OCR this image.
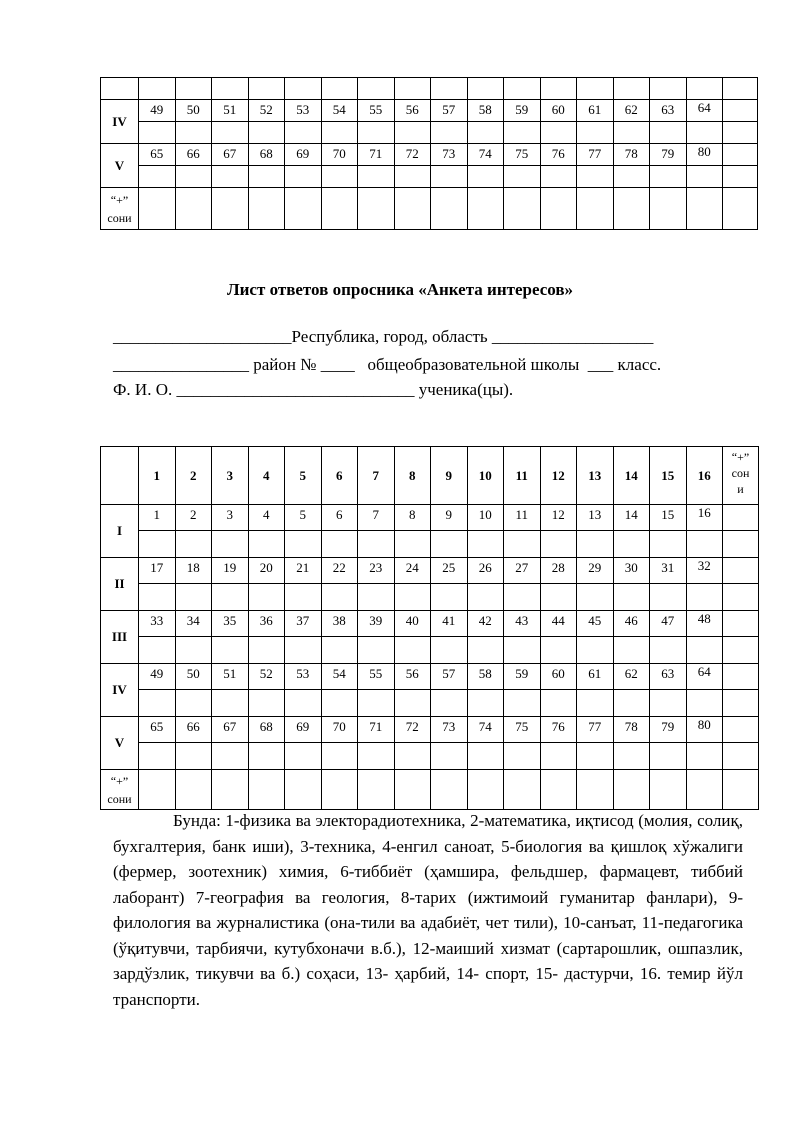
IV	49	50	51	52	53	54	55	56	57	58	59	60	61	62	63	64	

V	65	66	67	68	69	70	71	72	73	74	75	76	77	78	79	80	

“+”
сони																	

Лист ответов опросника «Анкета интересов»
_____________________Республика, город, область ___________________
________________ район № ____   общеобразовательной школы  ___ класс.
Ф. И. О. ____________________________ ученика(цы).
	1	2	3	4	5	6	7	8	9	10	11	12	13	14	15	16	“+”
сон
и

I	1	2	3	4	5	6	7	8	9	10	11	12	13	14	15	16	

II	17	18	19	20	21	22	23	24	25	26	27	28	29	30	31	32	

III	33	34	35	36	37	38	39	40	41	42	43	44	45	46	47	48	

IV	49	50	51	52	53	54	55	56	57	58	59	60	61	62	63	64	

V	65	66	67	68	69	70	71	72	73	74	75	76	77	78	79	80	

“+”
сони																	

Бунда: 1-физика ва электорадиотехника, 2-математика, иқтисод (молия, солиқ, бухгалтерия, банк иши), 3-техника, 4-енгил саноат, 5-биология ва қишлоқ хўжалиги (фермер, зоотехник) химия, 6-тиббиёт (ҳамшира, фельдшер, фармацевт, тиббий лаборант) 7-география ва геология, 8-тарих (ижтимоий гуманитар фанлари), 9-филология ва журналистика (она-тили ва адабиёт, чет тили), 10-санъат, 11-педагогика (ўқитувчи, тарбиячи, кутубхоначи в.б.), 12-маиший хизмат (сартарошлик, ошпазлик, зардўзлик, тикувчи ва б.) соҳаси, 13- ҳарбий, 14- спорт, 15- дастурчи, 16. темир йўл транспорти.
